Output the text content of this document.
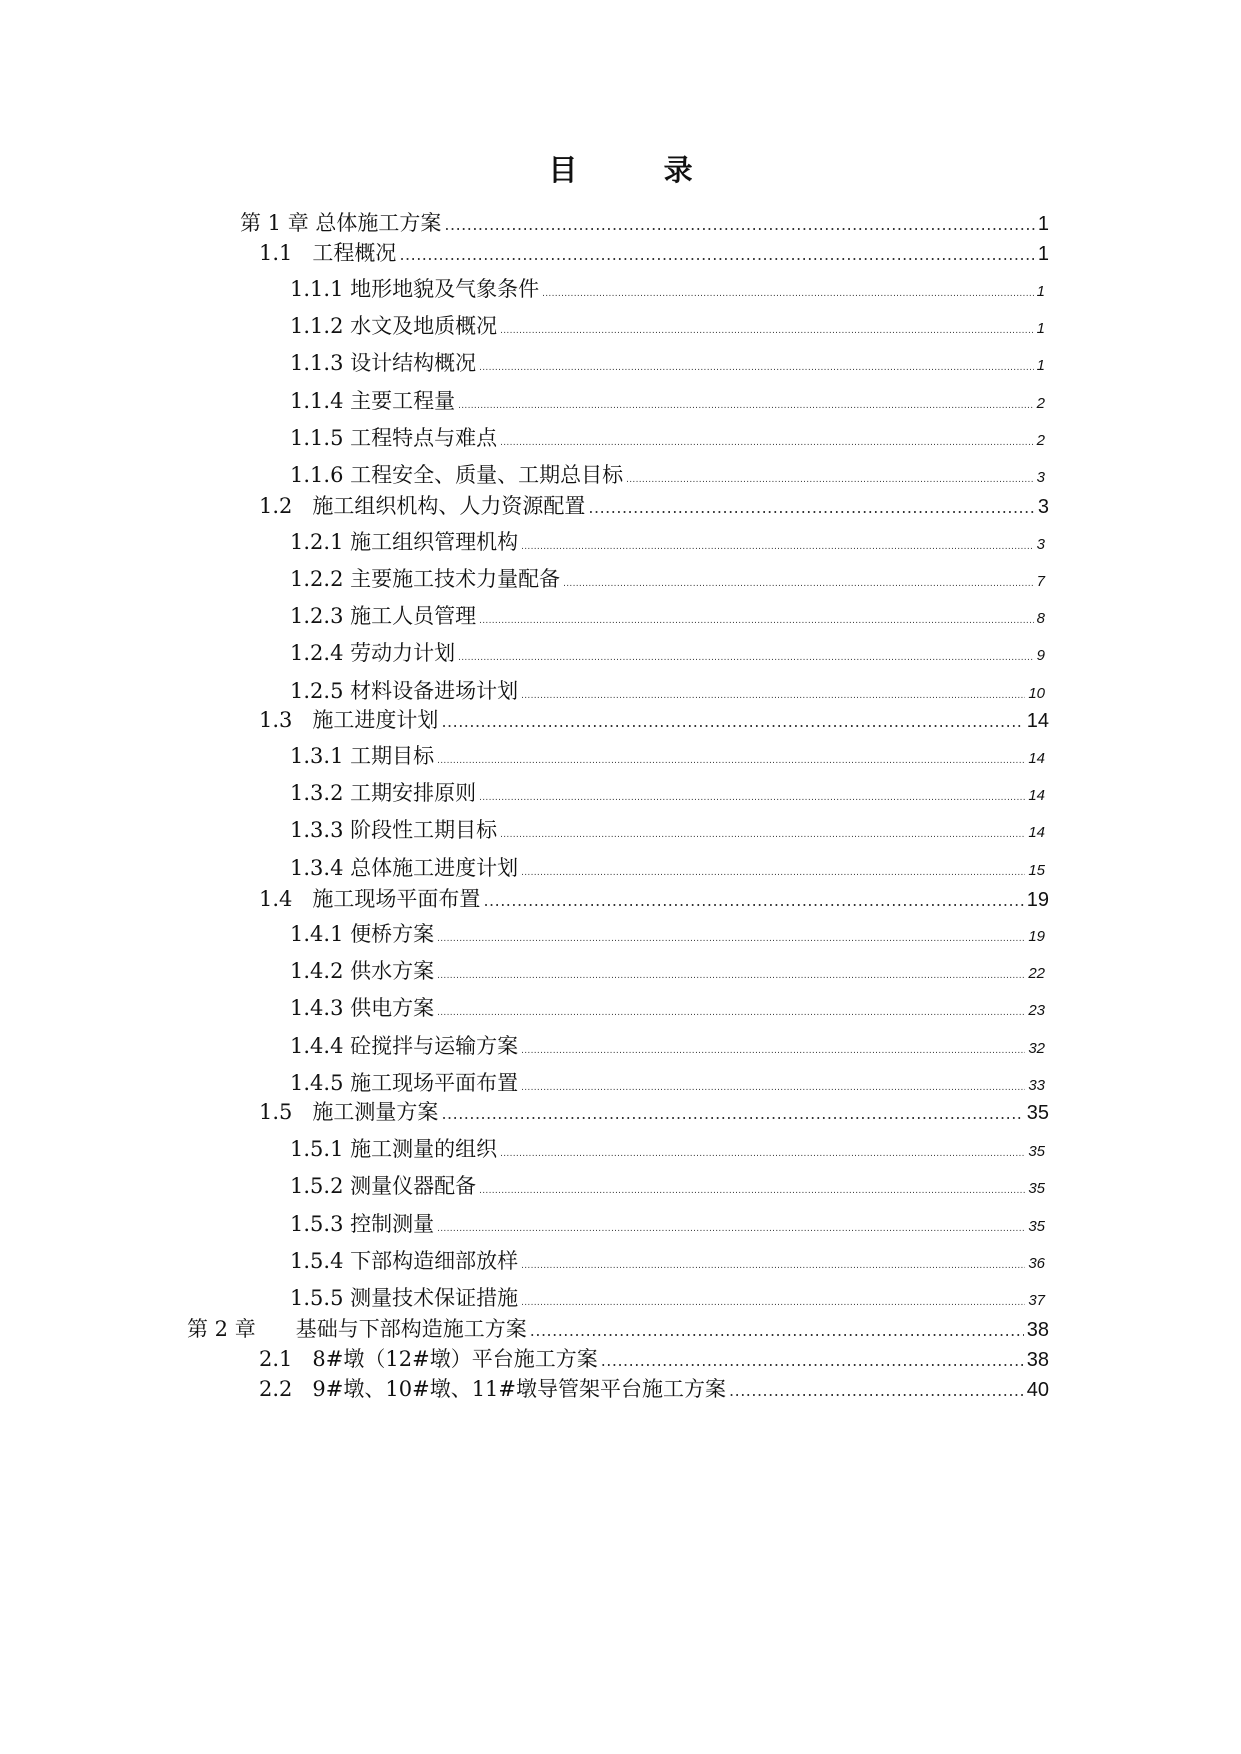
目  录
第 1 章 总体施工方案 .....	1
1.1   工程概况 .....	1
1.1.1 地形地貌及气象条件 .....	1
1.1.2 水文及地质概况 .....	1
1.1.3 设计结构概况 .....	1
1.1.4 主要工程量 .....	2
1.1.5 工程特点与难点 .....	2
1.1.6 工程安全、质量、工期总目标 .....	3
1.2   施工组织机构、人力资源配置 .....	3
1.2.1 施工组织管理机构 .....	3
1.2.2 主要施工技术力量配备 .....	7
1.2.3 施工人员管理 .....	8
1.2.4 劳动力计划 .....	9
1.2.5 材料设备进场计划 .....	10
1.3   施工进度计划 .....	14
1.3.1 工期目标 .....	14
1.3.2 工期安排原则 .....	14
1.3.3 阶段性工期目标 .....	14
1.3.4 总体施工进度计划 .....	15
1.4   施工现场平面布置 .....	19
1.4.1 便桥方案 .....	19
1.4.2 供水方案 .....	22
1.4.3 供电方案 .....	23
1.4.4 砼搅拌与运输方案 .....	32
1.4.5 施工现场平面布置 .....	33
1.5   施工测量方案 .....	35
1.5.1 施工测量的组织 .....	35
1.5.2 测量仪器配备 .....	35
1.5.3 控制测量 .....	35
1.5.4 下部构造细部放样 .....	36
1.5.5 测量技术保证措施 .....	37
第 2 章      基础与下部构造施工方案 .....	38
2.1   8#墩（12#墩）平台施工方案 .....	38
2.2   9#墩、10#墩、11#墩导管架平台施工方案 .....	40
